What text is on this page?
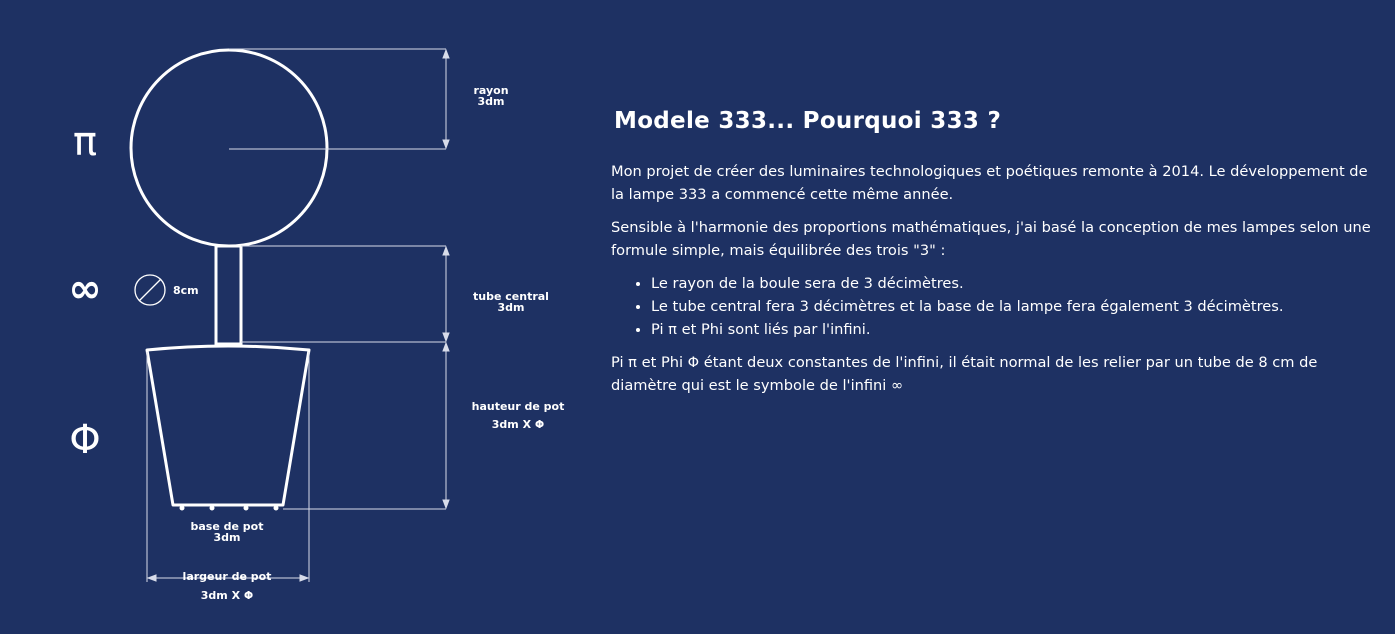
π
∞
Φ
8cm
rayon
3dm
tube central
3dm
hauteur de pot
3dm X Φ
base de pot
3dm
largeur de pot
3dm X Φ
Modele 333... Pourquoi 333 ?

Mon projet de créer des luminaires technologiques et poétiques remonte à 2014. Le développement de la lampe 333 a commencé cette même année.

Sensible à l'harmonie des proportions mathématiques, j'ai basé la conception de mes lampes selon une formule simple, mais équilibrée des trois "3" :

• Le rayon de la boule sera de 3 décimètres.
• Le tube central fera 3 décimètres et la base de la lampe fera également 3 décimètres.
• Pi π et Phi sont liés par l'infini.

Pi π et Phi Φ étant deux constantes de l'infini, il était normal de les relier par un tube de 8 cm de diamètre qui est le symbole de l'infini ∞
